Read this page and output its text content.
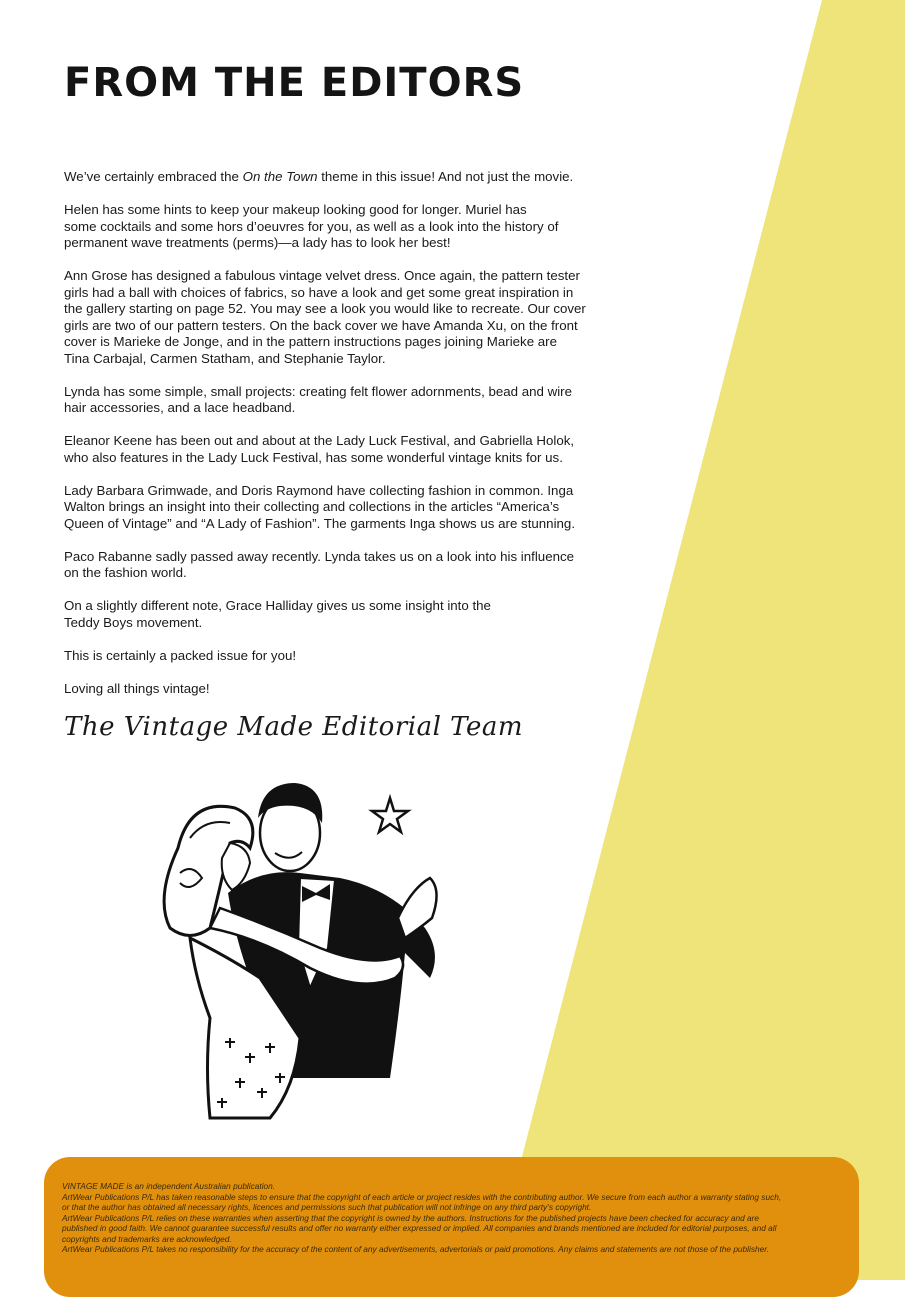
FROM THE EDITORS

We’ve certainly embraced the On the Town theme in this issue! And not just the movie.

Helen has some hints to keep your makeup looking good for longer. Muriel has
some cocktails and some hors d’oeuvres for you, as well as a look into the history of
permanent wave treatments (perms)—a lady has to look her best!

Ann Grose has designed a fabulous vintage velvet dress. Once again, the pattern tester
girls had a ball with choices of fabrics, so have a look and get some great inspiration in
the gallery starting on page 52. You may see a look you would like to recreate. Our cover
girls are two of our pattern testers. On the back cover we have Amanda Xu, on the front
cover is Marieke de Jonge, and in the pattern instructions pages joining Marieke are
Tina Carbajal, Carmen Statham, and Stephanie Taylor.

Lynda has some simple, small projects: creating felt flower adornments, bead and wire
hair accessories, and a lace headband.

Eleanor Keene has been out and about at the Lady Luck Festival, and Gabriella Holok,
who also features in the Lady Luck Festival, has some wonderful vintage knits for us.

Lady Barbara Grimwade, and Doris Raymond have collecting fashion in common. Inga
Walton brings an insight into their collecting and collections in the articles “America’s
Queen of Vintage” and “A Lady of Fashion”. The garments Inga shows us are stunning.

Paco Rabanne sadly passed away recently. Lynda takes us on a look into his influence
on the fashion world.

On a slightly different note, Grace Halliday gives us some insight into the
Teddy Boys movement.

This is certainly a packed issue for you!

Loving all things vintage!

The Vintage Made Editorial Team
VINTAGE MADE is an independent Australian publication.
ArtWear Publications P/L has taken reasonable steps to ensure that the copyright of each article or project resides with the contributing author. We secure from each author a warranty stating such,
or that the author has obtained all necessary rights, licences and permissions such that publication will not infringe on any third party’s copyright.
ArtWear Publications P/L relies on these warranties when asserting that the copyright is owned by the authors. Instructions for the published projects have been checked for accuracy and are
published in good faith. We cannot guarantee successful results and offer no warranty either expressed or implied. All companies and brands mentioned are included for editorial purposes, and all
copyrights and trademarks are acknowledged.
ArtWear Publications P/L takes no responsibility for the accuracy of the content of any advertisements, advertorials or paid promotions. Any claims and statements are not those of the publisher.
